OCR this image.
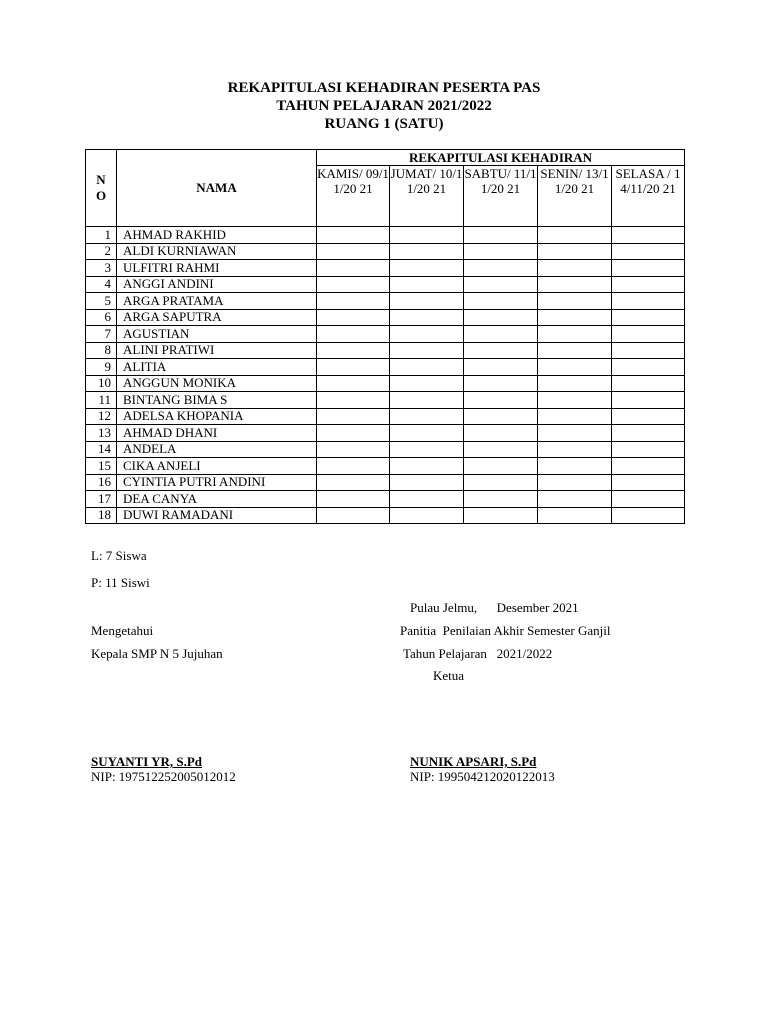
REKAPITULASI KEHADIRAN PESERTA PAS
TAHUN PELAJARAN 2021/2022
RUANG 1 (SATU)
N
O	NAMA	REKAPITULASI KEHADIRAN				
		KAMIS/ 09/11/20 21	JUMAT/ 10/11/20 21	SABTU/ 11/11/20 21	SENIN/ 13/11/20 21	SELASA / 14/11/20 21
1	AHMAD RAKHID					
2	ALDI KURNIAWAN					
3	ULFITRI RAHMI					
4	ANGGI ANDINI					
5	ARGA PRATAMA					
6	ARGA SAPUTRA					
7	AGUSTIAN					
8	ALINI PRATIWI					
9	ALITIA					
10	ANGGUN MONIKA					
11	BINTANG BIMA S					
12	ADELSA KHOPANIA					
13	AHMAD DHANI					
14	ANDELA					
15	CIKA ANJELI					
16	CYINTIA PUTRI ANDINI					
17	DEA CANYA					
18	DUWI RAMADANI					
L: 7 Siswa
P: 11 Siswi
Pulau Jelmu,      Desember 2021
Mengetahui	Panitia  Penilaian Akhir Semester Ganjil
Kepala SMP N 5 Jujuhan	Tahun Pelajaran   2021/2022
Ketua
SUYANTI YR, S.Pd
NIP: 197512252005012012
NUNIK APSARI, S.Pd
NIP: 199504212020122013
